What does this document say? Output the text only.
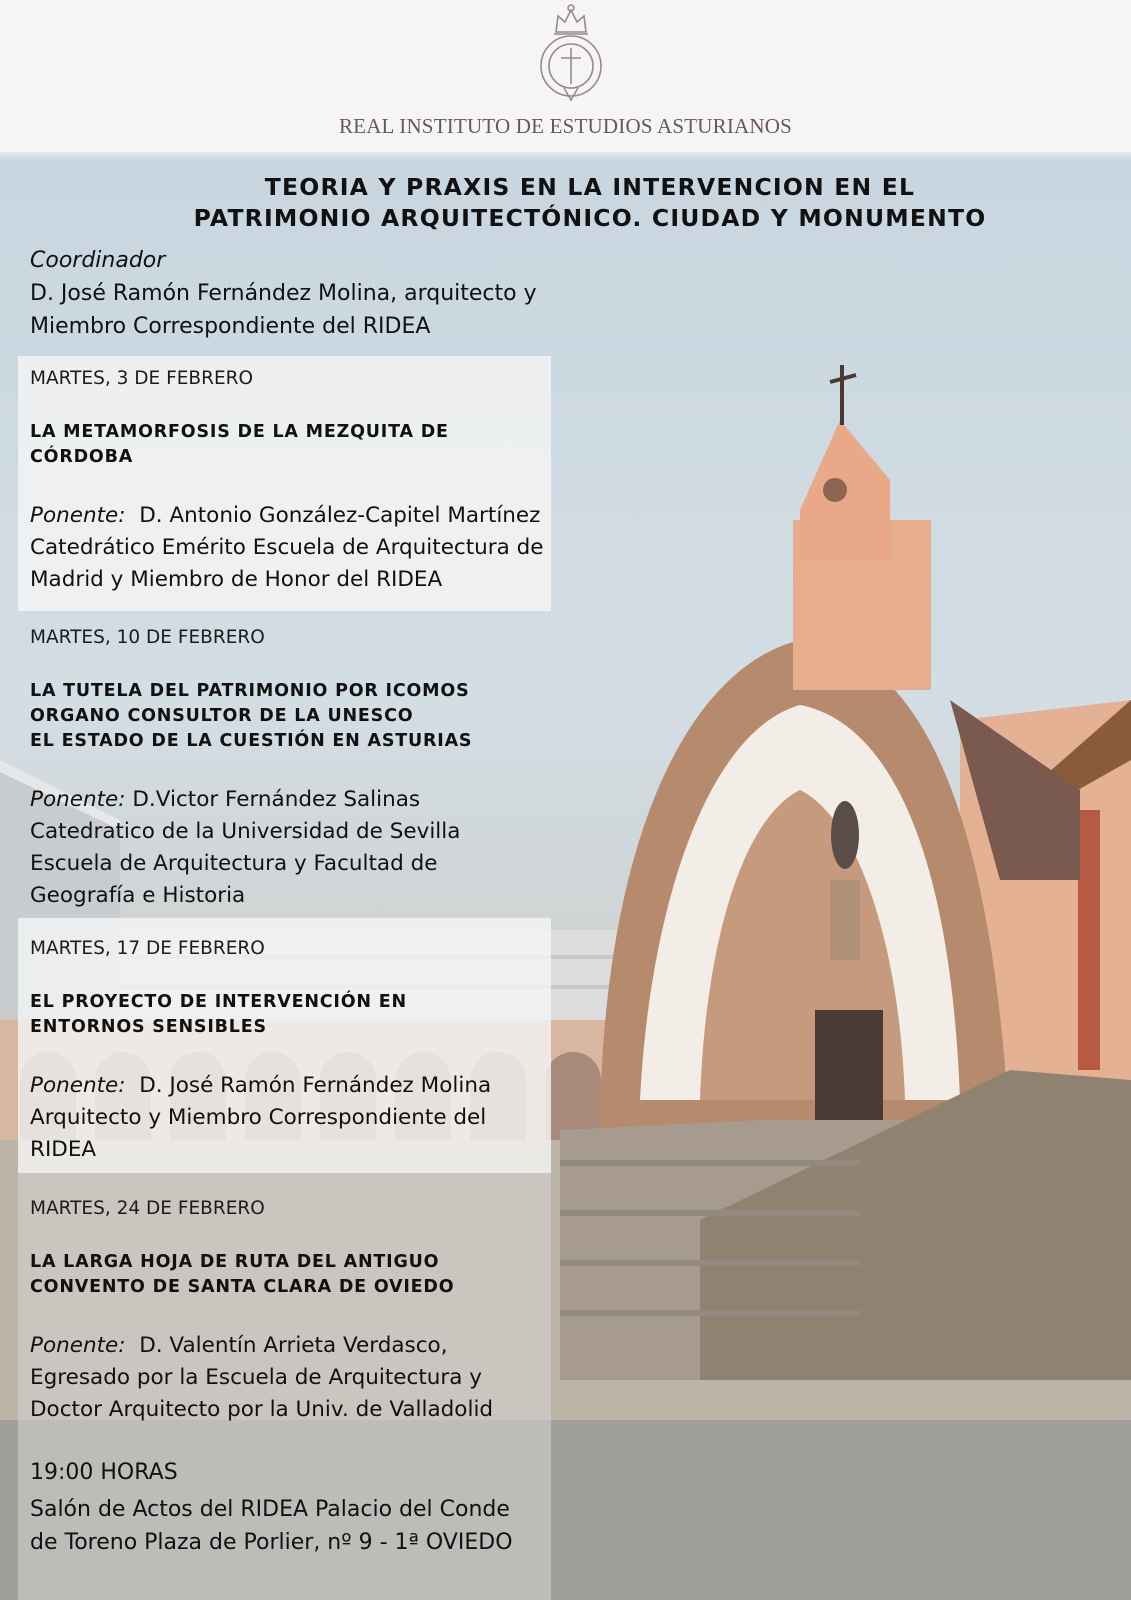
REAL INSTITUTO DE ESTUDIOS ASTURIANOS
TEORIA Y PRAXIS EN LA INTERVENCION EN EL
PATRIMONIO ARQUITECTÓNICO. CIUDAD Y MONUMENTO
Coordinador
D. José Ramón Fernández Molina, arquitecto y
Miembro Correspondiente del RIDEA
MARTES, 3 DE FEBRERO
LA METAMORFOSIS DE LA MEZQUITA DE
CÓRDOBA
Ponente: D. Antonio González-Capitel Martínez
Catedrático Emérito Escuela de Arquitectura de
Madrid y Miembro de Honor del RIDEA
MARTES, 10 DE FEBRERO
LA TUTELA DEL PATRIMONIO POR ICOMOS
ORGANO CONSULTOR DE LA UNESCO
EL ESTADO DE LA CUESTIÓN EN ASTURIAS
Ponente: D.Victor Fernández Salinas
Catedratico de la Universidad de Sevilla
Escuela de Arquitectura y Facultad de
Geografía e Historia
MARTES, 17 DE FEBRERO
EL PROYECTO DE INTERVENCIÓN EN
ENTORNOS SENSIBLES
Ponente: D. José Ramón Fernández Molina
Arquitecto y Miembro Correspondiente del
RIDEA
MARTES, 24 DE FEBRERO
LA LARGA HOJA DE RUTA DEL ANTIGUO
CONVENTO DE SANTA CLARA DE OVIEDO
Ponente: D. Valentín Arrieta Verdasco,
Egresado por la Escuela de Arquitectura y
Doctor Arquitecto por la Univ. de Valladolid
19:00 HORAS
Salón de Actos del RIDEA Palacio del Conde
de Toreno Plaza de Porlier, nº 9 - 1ª OVIEDO
